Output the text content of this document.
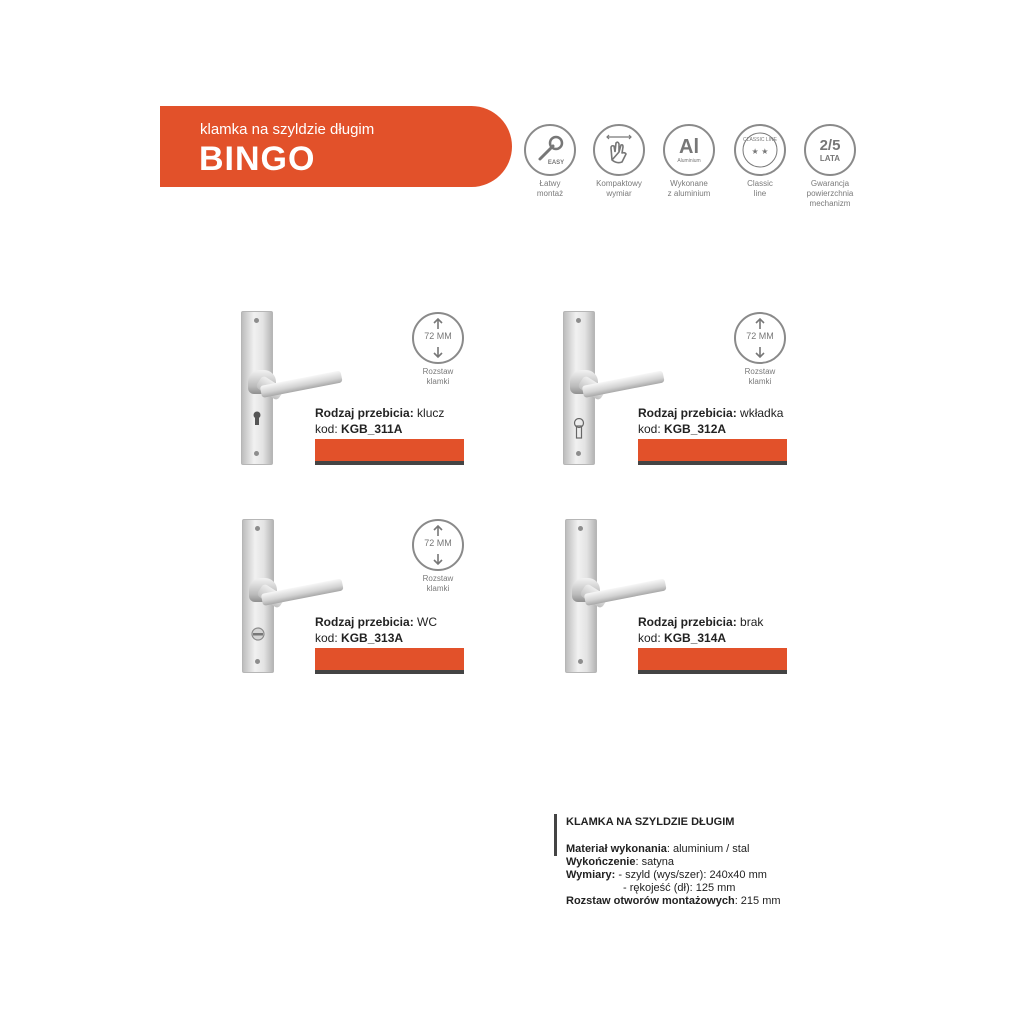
klamka na szyldzie długim
BINGO	EASY
Łatwy
montaż
Kompaktowy
wymiar
Al
Aluminium
Wykonane
z aluminium
CLASSIC LINE
★ ★
Classic
line
2/5
LATA
Gwarancja
powierzchnia
mechanizm
72 MM
Rozstaw
klamki
Rodzaj przebicia: klucz
kod: KGB_311A
72 MM
Rozstaw
klamki
Rodzaj przebicia: wkładka
kod: KGB_312A
72 MM
Rozstaw
klamki
Rodzaj przebicia: WC
kod: KGB_313A
Rodzaj przebicia: brak
kod: KGB_314A
KLAMKA NA SZYLDZIE DŁUGIM
Materiał wykonania: aluminium / stal
Wykończenie: satyna
Wymiary: - szyld (wys/szer): 240x40 mm
- rękojeść (dł): 125 mm
Rozstaw otworów montażowych: 215 mm
